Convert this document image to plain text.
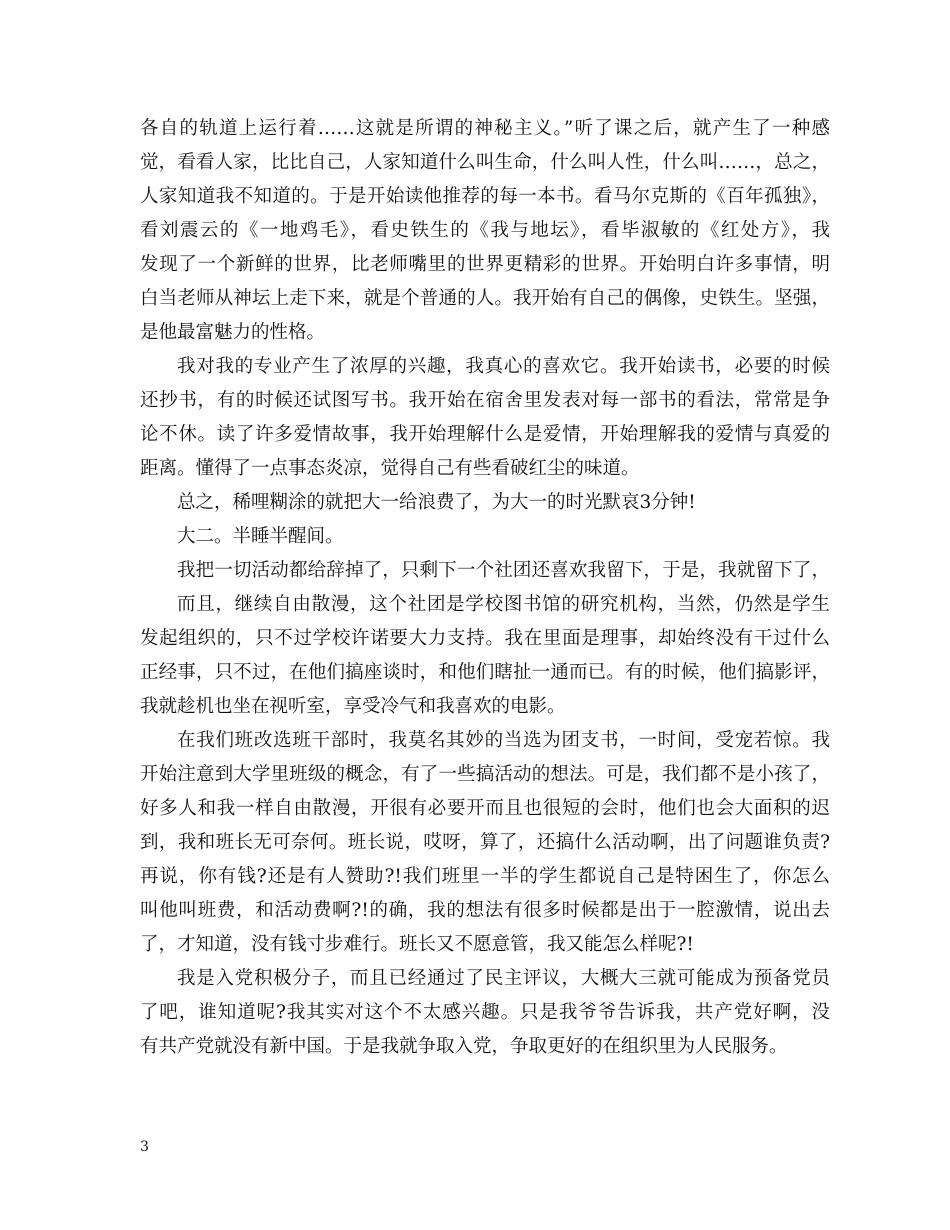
各自的轨道上运行着……这就是所谓的神秘主义。”听了课之后，就产生了一种感
觉，看看人家，比比自己，人家知道什么叫生命，什么叫人性，什么叫……，总之，
人家知道我不知道的。于是开始读他推荐的每一本书。看马尔克斯的《百年孤独》，
看刘震云的《一地鸡毛》，看史铁生的《我与地坛》，看毕淑敏的《红处方》，我
发现了一个新鲜的世界，比老师嘴里的世界更精彩的世界。开始明白许多事情，明
白当老师从神坛上走下来，就是个普通的人。我开始有自己的偶像，史铁生。坚强，
是他最富魅力的性格。
我对我的专业产生了浓厚的兴趣，我真心的喜欢它。我开始读书，必要的时候
还抄书，有的时候还试图写书。我开始在宿舍里发表对每一部书的看法，常常是争
论不休。读了许多爱情故事，我开始理解什么是爱情，开始理解我的爱情与真爱的
距离。懂得了一点事态炎凉，觉得自己有些看破红尘的味道。
总之，稀哩糊涂的就把大一给浪费了，为大一的时光默哀3分钟!
大二。半睡半醒间。
我把一切活动都给辞掉了，只剩下一个社团还喜欢我留下，于是，我就留下了，
而且，继续自由散漫，这个社团是学校图书馆的研究机构，当然，仍然是学生
发起组织的，只不过学校许诺要大力支持。我在里面是理事，却始终没有干过什么
正经事，只不过，在他们搞座谈时，和他们瞎扯一通而已。有的时候，他们搞影评，
我就趁机也坐在视听室，享受冷气和我喜欢的电影。
在我们班改选班干部时，我莫名其妙的当选为团支书，一时间，受宠若惊。我
开始注意到大学里班级的概念，有了一些搞活动的想法。可是，我们都不是小孩了，
好多人和我一样自由散漫，开很有必要开而且也很短的会时，他们也会大面积的迟
到，我和班长无可奈何。班长说，哎呀，算了，还搞什么活动啊，出了问题谁负责?
再说，你有钱?还是有人赞助?!我们班里一半的学生都说自己是特困生了，你怎么
叫他叫班费，和活动费啊?!的确，我的想法有很多时候都是出于一腔激情，说出去
了，才知道，没有钱寸步难行。班长又不愿意管，我又能怎么样呢?!
我是入党积极分子，而且已经通过了民主评议，大概大三就可能成为预备党员
了吧，谁知道呢?我其实对这个不太感兴趣。只是我爷爷告诉我，共产党好啊，没
有共产党就没有新中国。于是我就争取入党，争取更好的在组织里为人民服务。
3
